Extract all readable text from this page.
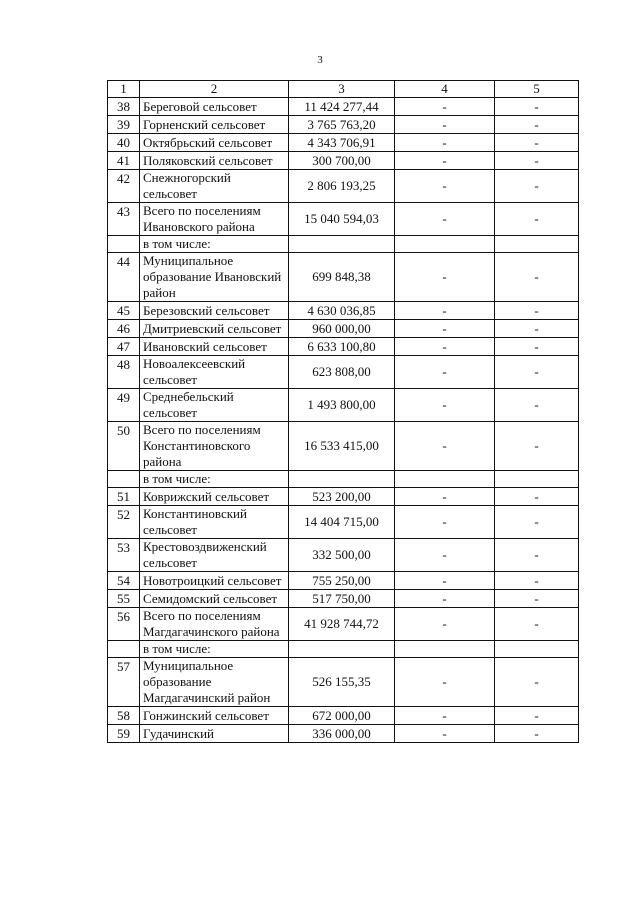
3
1	2	3	4	5
38	Береговой сельсовет	11 424 277,44	-	-
39	Горненский сельсовет	3 765 763,20	-	-
40	Октябрьский сельсовет	4 343 706,91	-	-
41	Поляковский сельсовет	300 700,00	-	-
42	Снежногорский сельсовет	2 806 193,25	-	-
43	Всего по поселениям Ивановского района	15 040 594,03	-	-
	в том числе:			
44	Муниципальное образование Ивановский район	699 848,38	-	-
45	Березовский сельсовет	4 630 036,85	-	-
46	Дмитриевский сельсовет	960 000,00	-	-
47	Ивановский сельсовет	6 633 100,80	-	-
48	Новоалексеевский сельсовет	623 808,00	-	-
49	Среднебельский сельсовет	1 493 800,00	-	-
50	Всего по поселениям Константиновского района	16 533 415,00	-	-
	в том числе:			
51	Коврижский сельсовет	523 200,00	-	-
52	Константиновский сельсовет	14 404 715,00	-	-
53	Крестовоздвиженский сельсовет	332 500,00	-	-
54	Новотроицкий сельсовет	755 250,00	-	-
55	Семидомский сельсовет	517 750,00	-	-
56	Всего по поселениям Магдагачинского района	41 928 744,72	-	-
	в том числе:			
57	Муниципальное образование Магдагачинский район	526 155,35	-	-
58	Гонжинский сельсовет	672 000,00	-	-
59	Гудачинский	336 000,00	-	-
